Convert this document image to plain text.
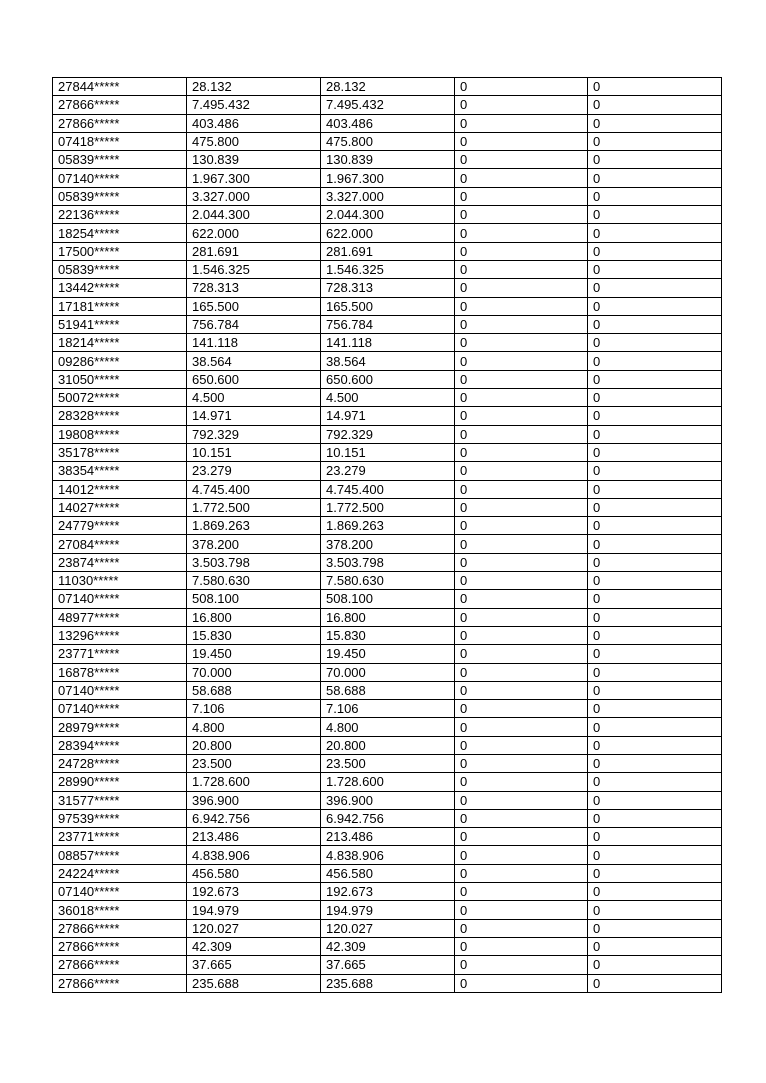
27844*****	28.132	28.132	0	0
27866*****	7.495.432	7.495.432	0	0
27866*****	403.486	403.486	0	0
07418*****	475.800	475.800	0	0
05839*****	130.839	130.839	0	0
07140*****	1.967.300	1.967.300	0	0
05839*****	3.327.000	3.327.000	0	0
22136*****	2.044.300	2.044.300	0	0
18254*****	622.000	622.000	0	0
17500*****	281.691	281.691	0	0
05839*****	1.546.325	1.546.325	0	0
13442*****	728.313	728.313	0	0
17181*****	165.500	165.500	0	0
51941*****	756.784	756.784	0	0
18214*****	141.118	141.118	0	0
09286*****	38.564	38.564	0	0
31050*****	650.600	650.600	0	0
50072*****	4.500	4.500	0	0
28328*****	14.971	14.971	0	0
19808*****	792.329	792.329	0	0
35178*****	10.151	10.151	0	0
38354*****	23.279	23.279	0	0
14012*****	4.745.400	4.745.400	0	0
14027*****	1.772.500	1.772.500	0	0
24779*****	1.869.263	1.869.263	0	0
27084*****	378.200	378.200	0	0
23874*****	3.503.798	3.503.798	0	0
11030*****	7.580.630	7.580.630	0	0
07140*****	508.100	508.100	0	0
48977*****	16.800	16.800	0	0
13296*****	15.830	15.830	0	0
23771*****	19.450	19.450	0	0
16878*****	70.000	70.000	0	0
07140*****	58.688	58.688	0	0
07140*****	7.106	7.106	0	0
28979*****	4.800	4.800	0	0
28394*****	20.800	20.800	0	0
24728*****	23.500	23.500	0	0
28990*****	1.728.600	1.728.600	0	0
31577*****	396.900	396.900	0	0
97539*****	6.942.756	6.942.756	0	0
23771*****	213.486	213.486	0	0
08857*****	4.838.906	4.838.906	0	0
24224*****	456.580	456.580	0	0
07140*****	192.673	192.673	0	0
36018*****	194.979	194.979	0	0
27866*****	120.027	120.027	0	0
27866*****	42.309	42.309	0	0
27866*****	37.665	37.665	0	0
27866*****	235.688	235.688	0	0
